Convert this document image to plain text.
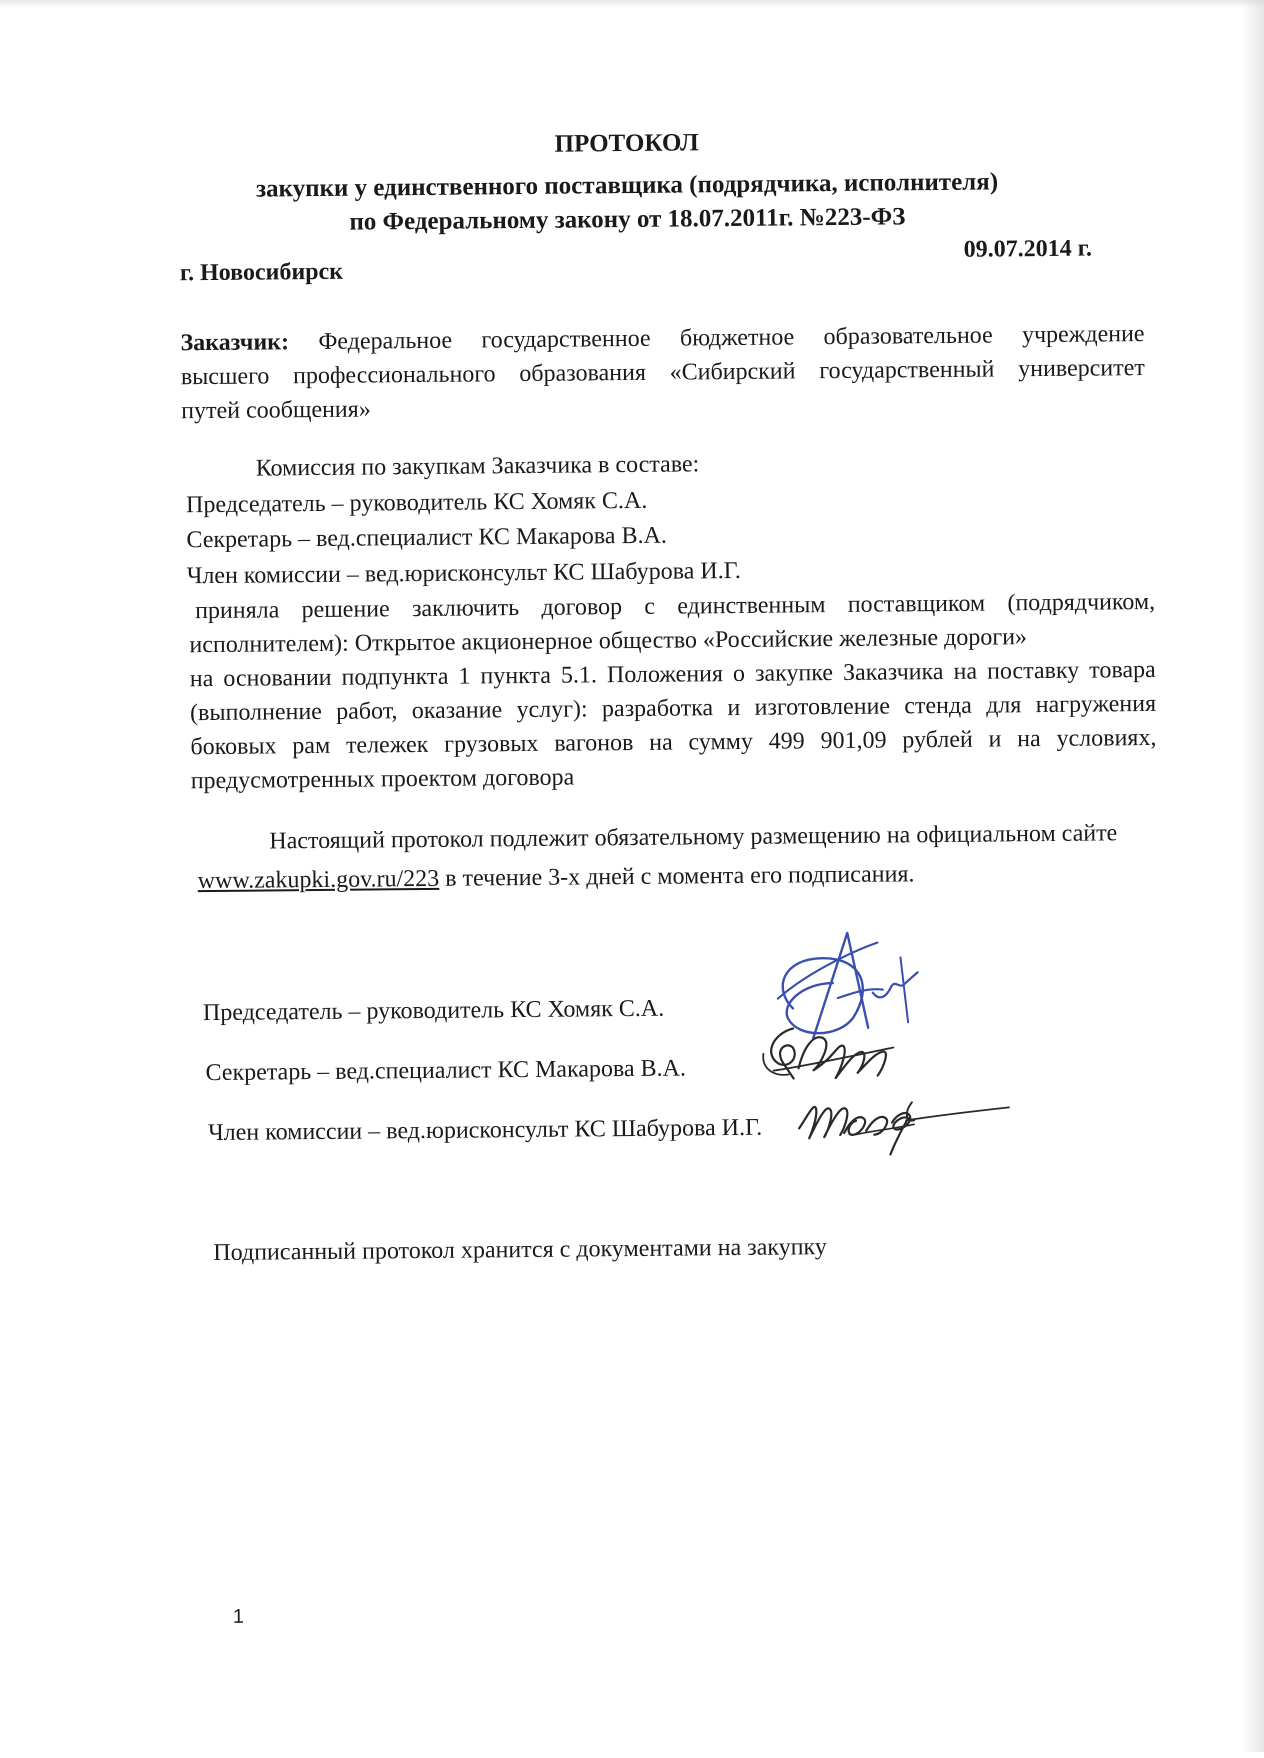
ПРОТОКОЛ
закупки у единственного поставщика (подрядчика, исполнителя)
по Федеральному закону от 18.07.2011г. №223-ФЗ
г. Новосибирск
09.07.2014 г.
Заказчик: Федеральное государственное бюджетное образовательное учреждение
высшего профессионального образования «Сибирский государственный университет
путей сообщения»
Комиссия по закупкам Заказчика в составе:
Председатель – руководитель КС Хомяк С.А.
Секретарь – вед.специалист КС Макарова В.А.
Член комиссии – вед.юрисконсульт КС Шабурова И.Г.
приняла решение заключить договор с единственным поставщиком (подрядчиком,
исполнителем): Открытое акционерное общество «Российские железные дороги»
на основании подпункта 1 пункта 5.1. Положения о закупке Заказчика на поставку товара
(выполнение работ, оказание услуг): разработка и изготовление стенда для нагружения
боковых рам тележек грузовых вагонов на сумму 499 901,09 рублей и на условиях,
предусмотренных проектом договора
Настоящий протокол подлежит обязательному размещению на официальном сайте
www.zakupki.gov.ru/223 в течение 3-х дней с момента его подписания.
Председатель – руководитель КС Хомяк С.А.
Секретарь – вед.специалист КС Макарова В.А.
Член комиссии – вед.юрисконсульт КС Шабурова И.Г.
Подписанный протокол хранится с документами на закупку
1
